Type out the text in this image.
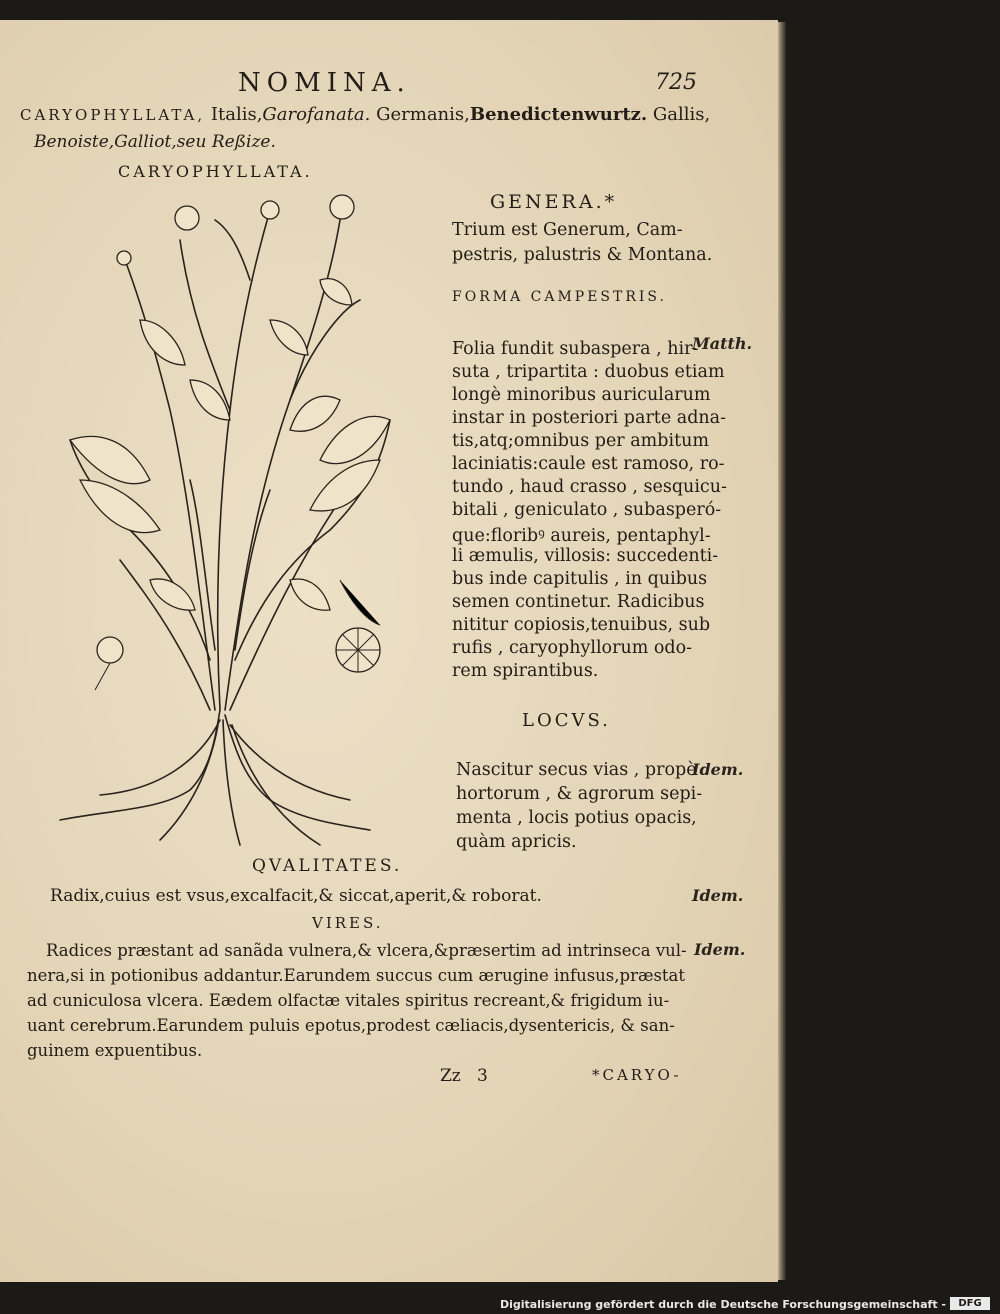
NOMINA.	725
CARYOPHYLLATA, Italis,Garofanata. Germanis,Benedictenwurtz. Gallis,
Benoiste,Galliot,seu Reßize.
CARYOPHYLLATA.
GENERA.*
Trium est Generum, Cam-
pestris, palustris & Montana.
FORMA CAMPESTRIS.
Matth.
Folia fundit subaspera , hir-
suta , tripartita : duobus etiam
longè minoribus auricularum
instar in posteriori parte adna-
tis,atq;omnibus per ambitum
laciniatis:caule est ramoso, ro-
tundo , haud crasso , sesquicu-
bitali , geniculato , subasperó-
que:floribꝰ aureis, pentaphyl-
li æmulis, villosis: succedenti-
bus inde capitulis , in quibus
semen continetur. Radicibus
nititur copiosis,tenuibus, sub
rufis , caryophyllorum odo-
rem spirantibus.
LOCVS.
Idem.
Nascitur secus vias , propè
hortorum , & agrorum sepi-
menta , locis potius opacis,
quàm apricis.
QVALITATES.
Radix,cuius est vsus,excalfacit,& siccat,aperit,& roborat.	Idem.
VIRES.
Idem.
Radices præstant ad sanãda vulnera,& vlcera,&præsertim ad intrinseca vul-
nera,si in potionibus addantur.Earundem succus cum ærugine infusus,præstat
ad cuniculosa vlcera. Eædem olfactæ vitales spiritus recreant,& frigidum iu-
uant cerebrum.Earundem puluis epotus,prodest cæliacis,dysentericis, & san-
guinem expuentibus.
Zz   3	*CARYO-
Digitalisierung gefördert durch die Deutsche Forschungsgemeinschaft -	DFG
